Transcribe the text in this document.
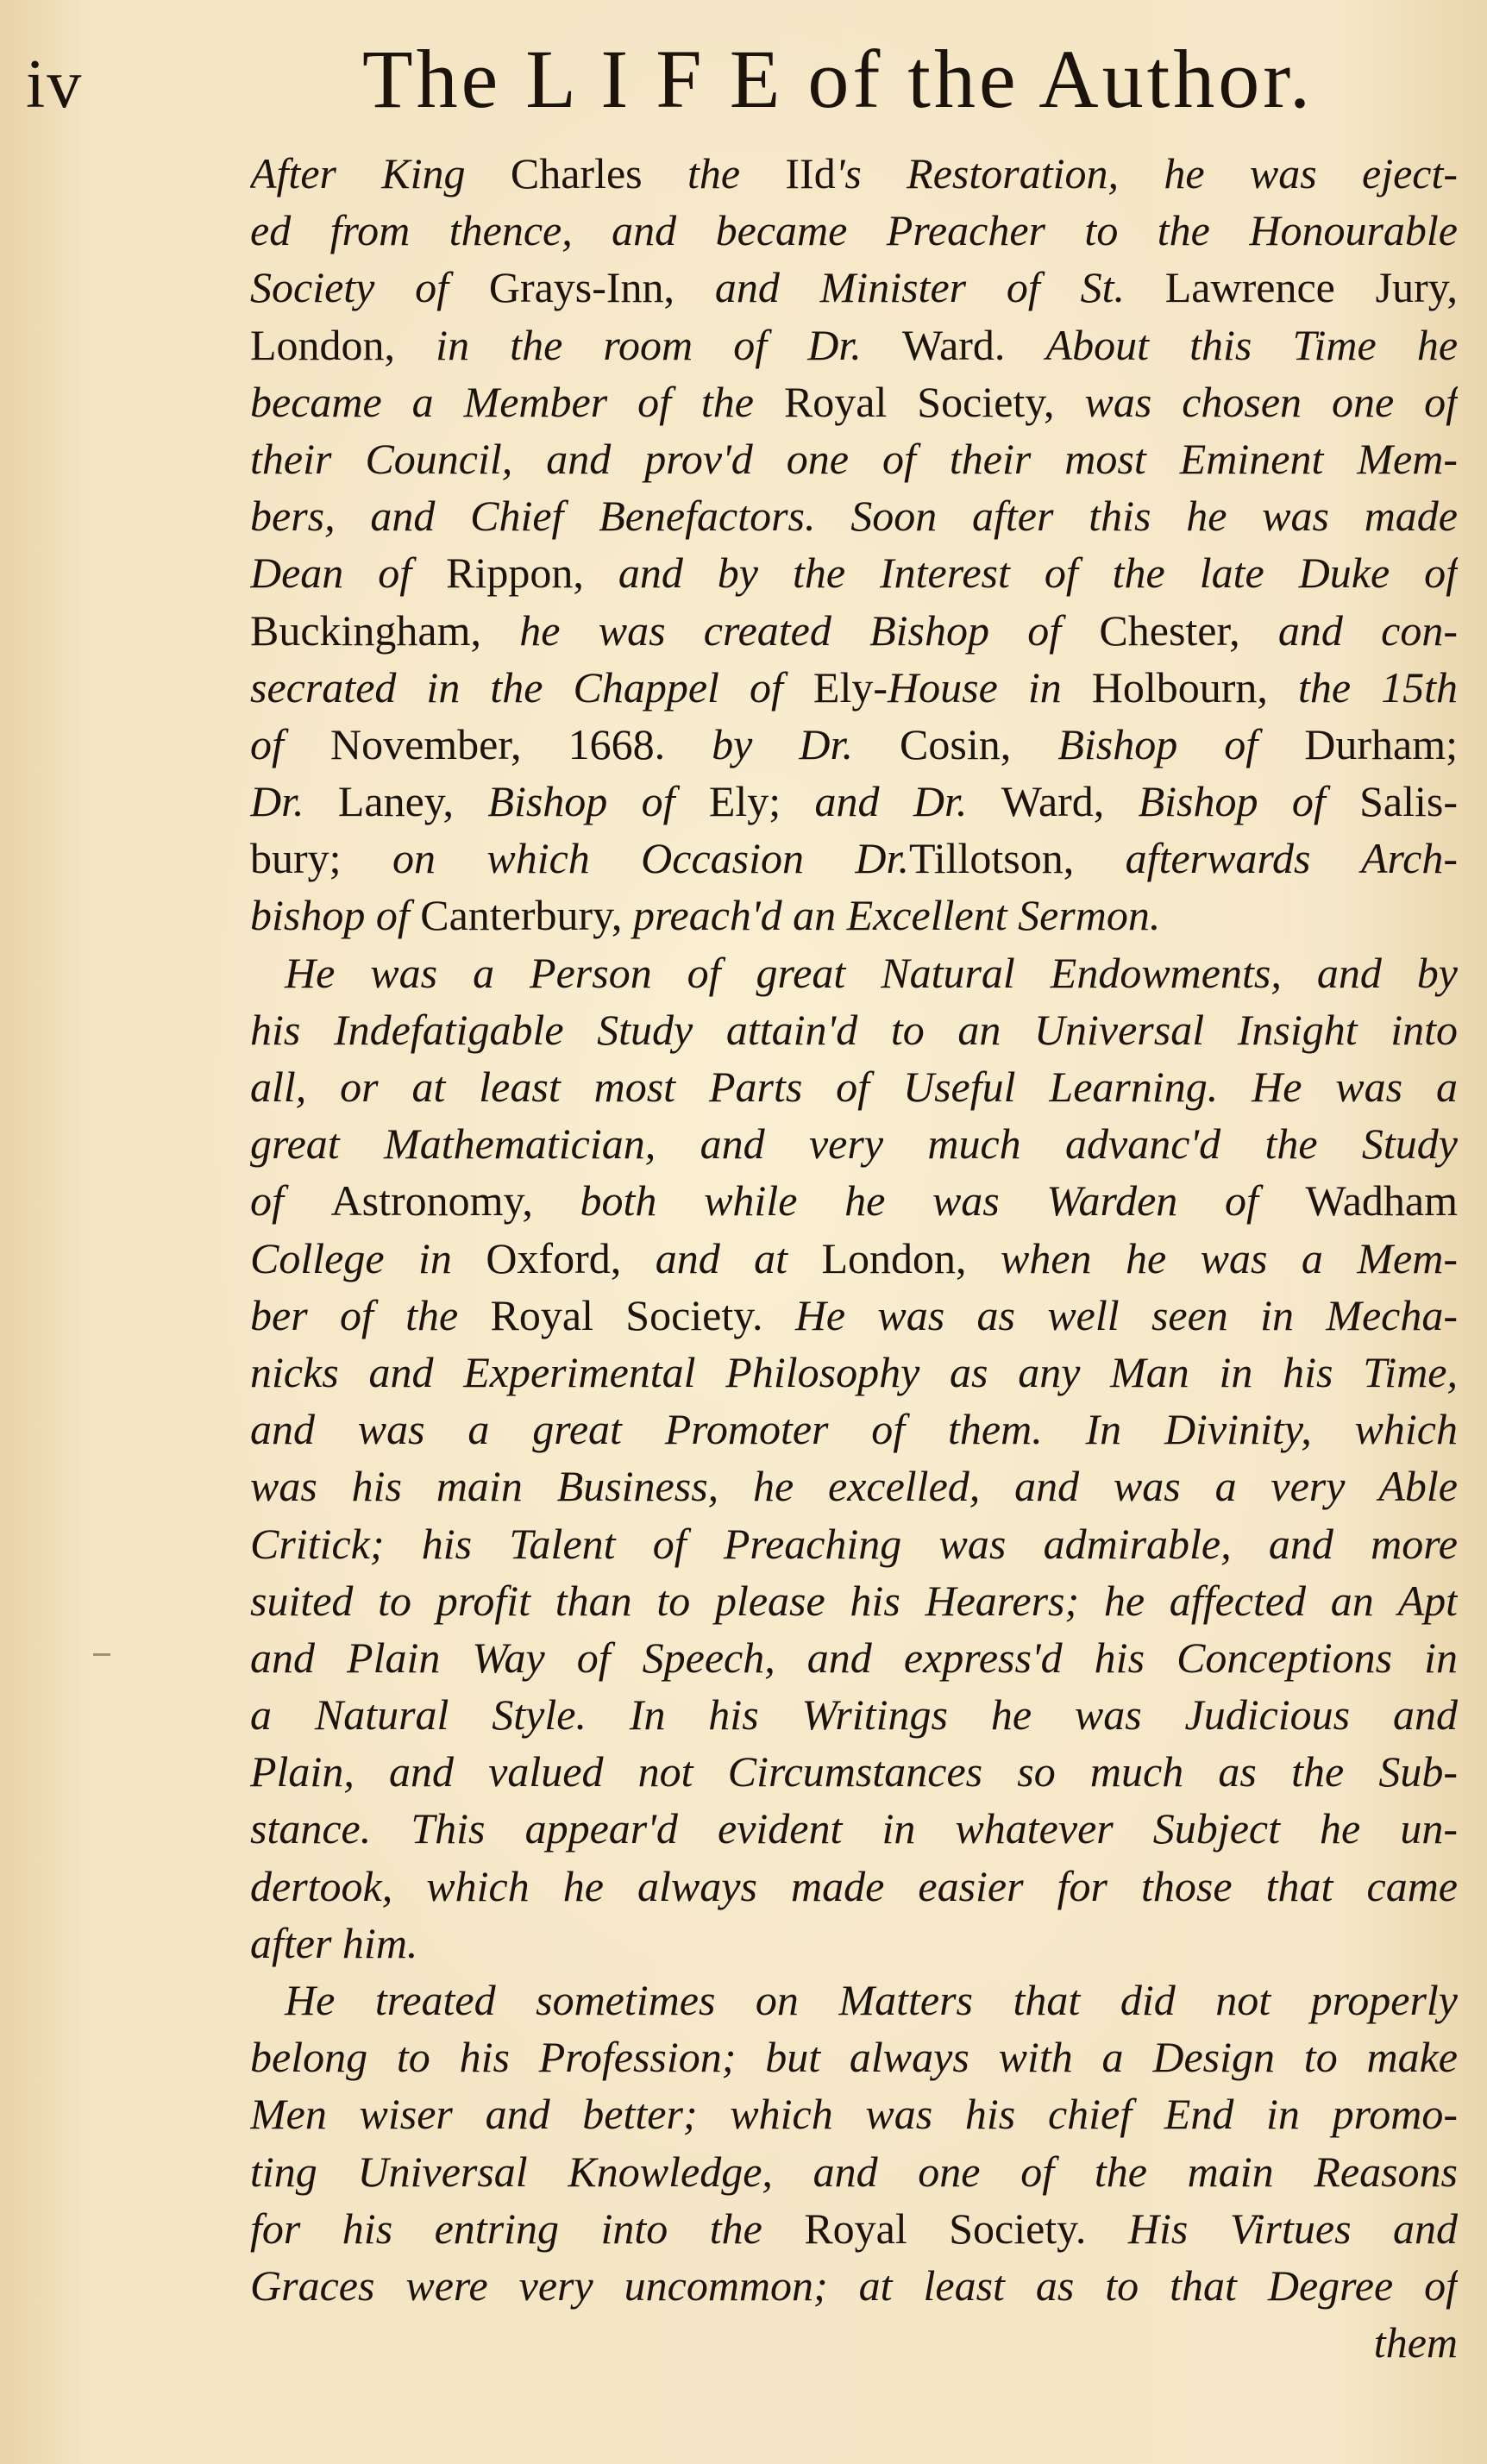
iv	The L I F E of the Author.
After King Charles the IId's Restoration, he was eject-
ed from thence, and became Preacher to the Honourable
Society of Grays-Inn, and Minister of St. Lawrence Jury,
London, in the room of Dr. Ward. About this Time he
became a Member of the Royal Society, was chosen one of
their Council, and prov'd one of their most Eminent Mem-
bers, and Chief Benefactors. Soon after this he was made
Dean of Rippon, and by the Interest of the late Duke of
Buckingham, he was created Bishop of Chester, and con-
secrated in the Chappel of Ely-House in Holbourn, the 15th
of November, 1668. by Dr. Cosin, Bishop of Durham;
Dr. Laney, Bishop of Ely; and Dr. Ward, Bishop of Salis-
bury; on which Occasion Dr.Tillotson, afterwards Arch-
bishop of Canterbury, preach'd an Excellent Sermon.
He was a Person of great Natural Endowments, and by
his Indefatigable Study attain'd to an Universal Insight into
all, or at least most Parts of Useful Learning. He was a
great Mathematician, and very much advanc'd the Study
of Astronomy, both while he was Warden of Wadham
College in Oxford, and at London, when he was a Mem-
ber of the Royal Society. He was as well seen in Mecha-
nicks and Experimental Philosophy as any Man in his Time,
and was a great Promoter of them. In Divinity, which
was his main Business, he excelled, and was a very Able
Critick; his Talent of Preaching was admirable, and more
suited to profit than to please his Hearers; he affected an Apt
and Plain Way of Speech, and express'd his Conceptions in
a Natural Style. In his Writings he was Judicious and
Plain, and valued not Circumstances so much as the Sub-
stance. This appear'd evident in whatever Subject he un-
dertook, which he always made easier for those that came
after him.
He treated sometimes on Matters that did not properly
belong to his Profession; but always with a Design to make
Men wiser and better; which was his chief End in promo-
ting Universal Knowledge, and one of the main Reasons
for his entring into the Royal Society. His Virtues and
Graces were very uncommon; at least as to that Degree of
them
